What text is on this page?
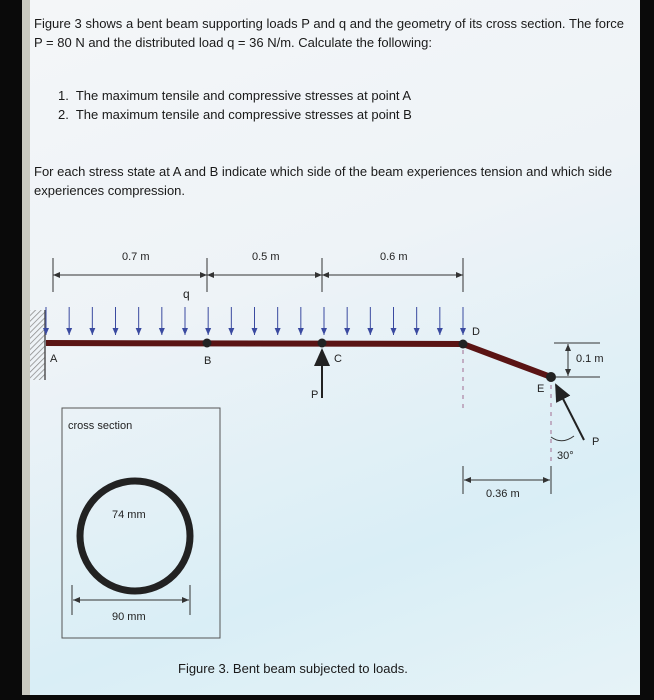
Figure 3 shows a bent beam supporting loads P and q and the geometry of its cross section. The force P = 80 N and the distributed load q = 36 N/m. Calculate the following:
1. The maximum tensile and compressive stresses at point A
2. The maximum tensile and compressive stresses at point B
For each stress state at A and B indicate which side of the beam experiences tension and which side experiences compression.
0.7 m	0.5 m	0.6 m
q
A	B	C
D
E
P
0.1 m
P
30°
0.36 m
cross section
74 mm
90 mm
Figure 3. Bent beam subjected to loads.
